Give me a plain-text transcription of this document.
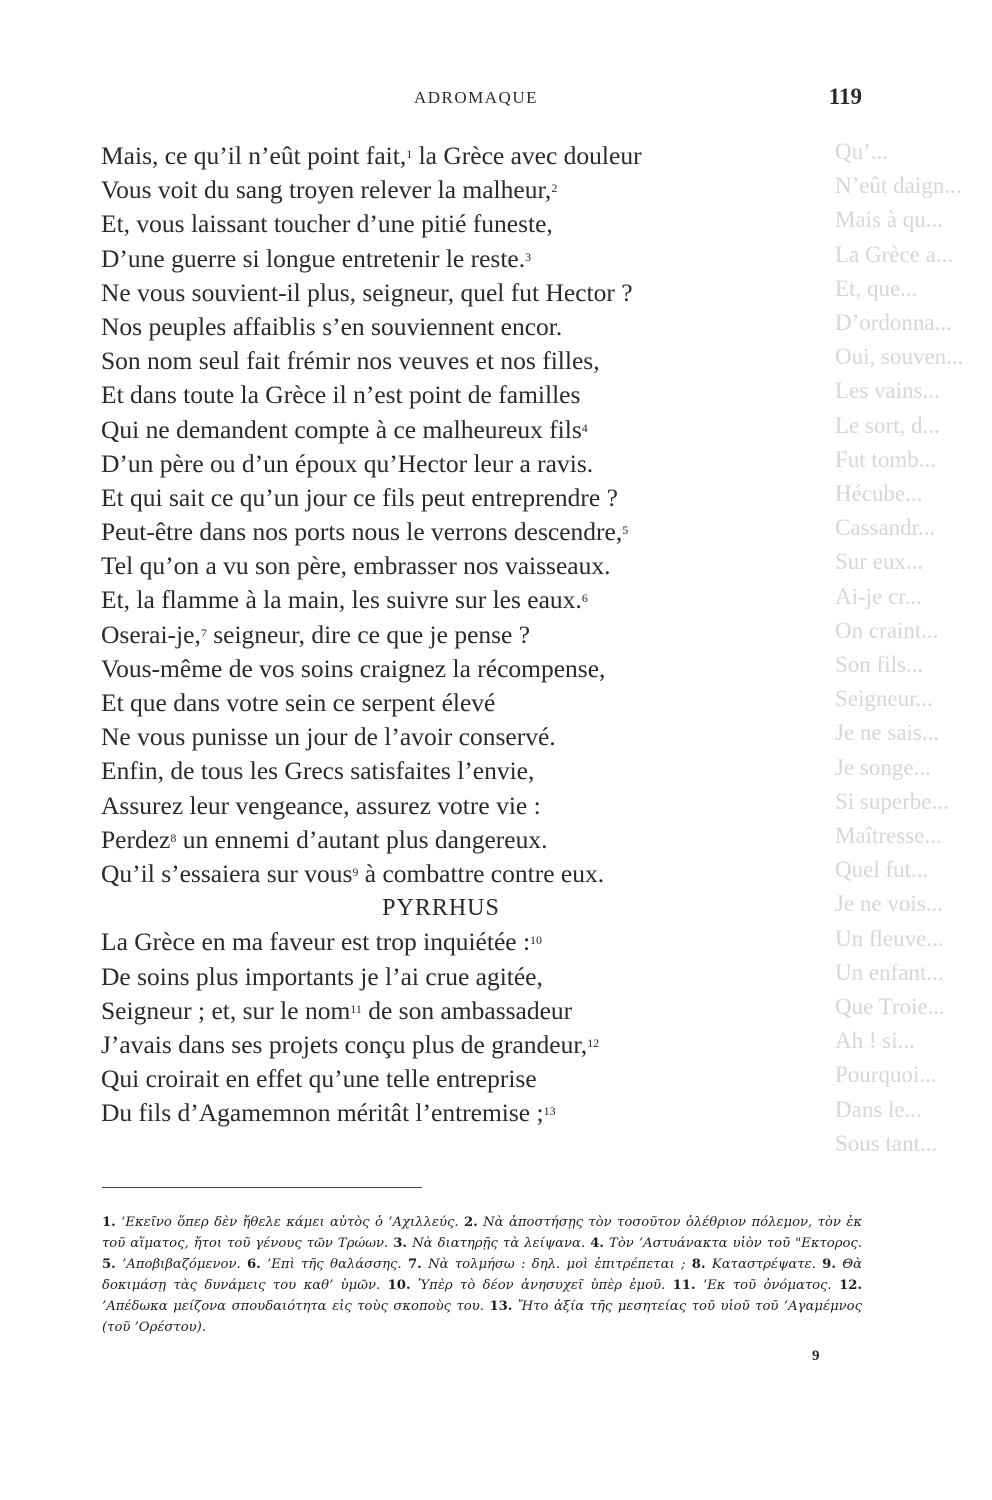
Qu’...
N’eût daign...
Mais à qu...
La Grèce a...
Et, que...
D’ordonna...
Oui, souven...
Les vains...
Le sort, d...
Fut tomb...
Hécube...
Cassandr...
Sur eux...
Ai-je cr...
On craint...
Son fils...
Seigneur...
Je ne sais...
Je songe...
Si superbe...
Maîtresse...
Quel fut...
Je ne vois...
Un fleuve...
Un enfant...
Que Troie...
Ah ! si...
Pourquoi...
Dans le...
Sous tant...
ADROMAQUE	119
Mais, ce qu’il n’eût point fait,$^1$ la Grèce avec douleur
Vous voit du sang troyen relever la malheur,$^2$
Et, vous laissant toucher d’une pitié funeste,
D’une guerre si longue entretenir le reste.$^3$
Ne vous souvient-il plus, seigneur, quel fut Hector ?
Nos peuples affaiblis s’en souviennent encor.
Son nom seul fait frémir nos veuves et nos filles,
Et dans toute la Grèce il n’est point de familles
Qui ne demandent compte à ce malheureux fils$^4$
D’un père ou d’un époux qu’Hector leur a ravis.
Et qui sait ce qu’un jour ce fils peut entreprendre ?
Peut-être dans nos ports nous le verrons descendre,$^5$
Tel qu’on a vu son père, embrasser nos vaisseaux.
Et, la flamme à la main, les suivre sur les eaux.$^6$
Oserai-je,$^7$ seigneur, dire ce que je pense ?
Vous-même de vos soins craignez la récompense,
Et que dans votre sein ce serpent élevé
Ne vous punisse un jour de l’avoir conservé.
Enfin, de tous les Grecs satisfaites l’envie,
Assurez leur vengeance, assurez votre vie :
Perdez$^8$ un ennemi d’autant plus dangereux.
Qu’il s’essaiera sur vous$^9$ à combattre contre eux.
PYRRHUS
La Grèce en ma faveur est trop inquiétée :$^{10}$
De soins plus importants je l’ai crue agitée,
Seigneur ; et, sur le nom$^{11}$ de son ambassadeur
J’avais dans ses projets conçu plus de grandeur,$^{12}$
Qui croirait en effet qu’une telle entreprise
Du fils d’Agamemnon méritât l’entremise ;$^{13}$
1. ’Εκεῖνο ὅπερ δὲν ἤθελε κάμει αὐτὸς ὁ ’Αχιλλεύς. 2. Νὰ ἀποστήσῃς τὸν τοσοῦτον ὀλέθριον πόλεμον, τὸν ἐκ τοῦ αἵματος, ἤτοι τοῦ γένους τῶν Τρώων. 3. Νὰ διατηρῇς τὰ λείψανα. 4. Τὸν ’Αστυάνακτα υἱὸν τοῦ "Εκτορος. 5. ’Αποβιβαζόμενον. 6. ’Επὶ τῆς θαλάσσης. 7. Νὰ τολμήσω : δηλ. μοὶ ἐπιτρέπεται ; 8. Καταστρέψατε. 9. Θὰ δοκιμάσῃ τὰς δυνάμεις του καθ’ ὑμῶν. 10. Ὑπὲρ τὸ δέον ἀνησυχεῖ ὑπὲρ ἐμοῦ. 11. ’Εκ τοῦ ὀνόματος. 12. ’Απέδωκα μείζονα σπουδαιότητα εἰς τοὺς σκοποὺς του. 13. Ἤτο ἀξία τῆς μεσητείας τοῦ υἱοῦ τοῦ ’Αγαμέμνος (τοῦ ’Ορέστου).
9
